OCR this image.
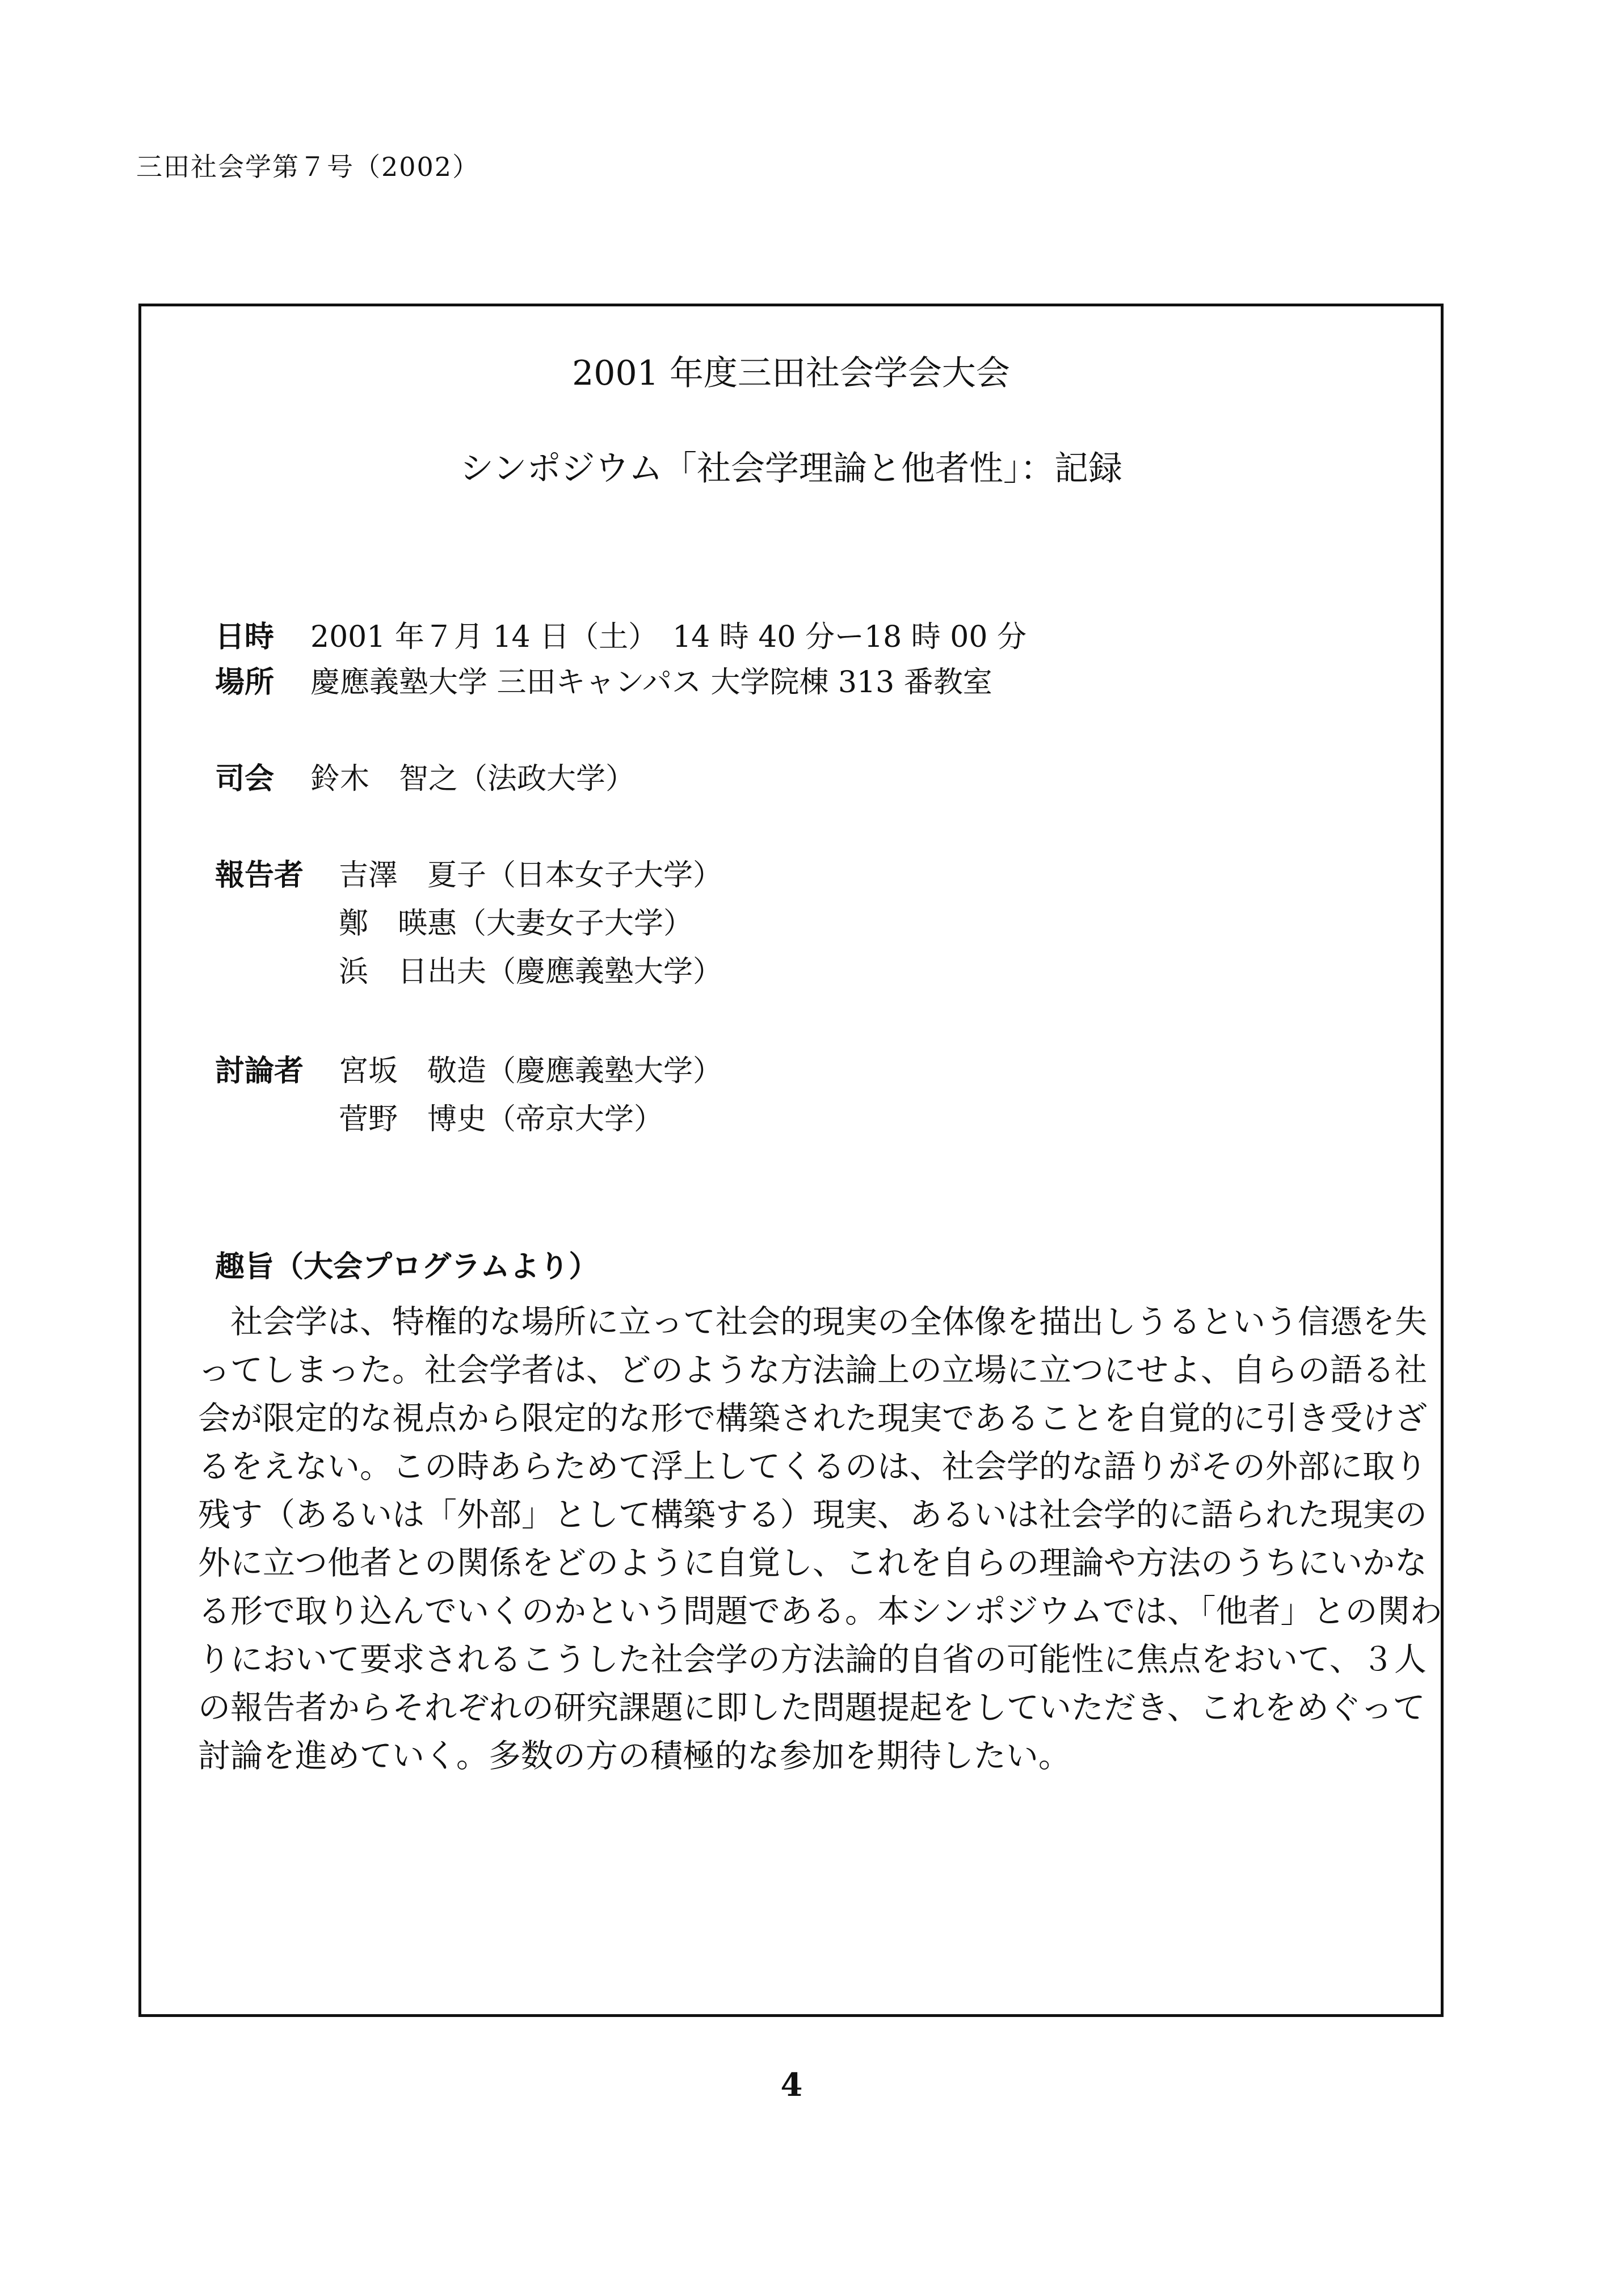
三田社会学第７号（2002）
2001 年度三田社会学会大会
シンポジウム「社会学理論と他者性」：記録
日時 2001 年７月 14 日（土）　14 時 40 分ー18 時 00 分
場所 慶應義塾大学 三田キャンパス 大学院棟 313 番教室
司会 鈴木　智之（法政大学）
報告者 吉澤　夏子（日本女子大学）
鄭　暎惠（大妻女子大学）
浜　日出夫（慶應義塾大学）
討論者 宮坂　敬造（慶應義塾大学）
菅野　博史（帝京大学）
趣旨（大会プログラムより）
　社会学は、特権的な場所に立って社会的現実の全体像を描出しうるという信憑を失
ってしまった。社会学者は、どのような方法論上の立場に立つにせよ、自らの語る社
会が限定的な視点から限定的な形で構築された現実であることを自覚的に引き受けざ
るをえない。この時あらためて浮上してくるのは、社会学的な語りがその外部に取り
残す（あるいは「外部」として構築する）現実、あるいは社会学的に語られた現実の
外に立つ他者との関係をどのように自覚し、これを自らの理論や方法のうちにいかな
る形で取り込んでいくのかという問題である。本シンポジウムでは、「他者」との関わ
りにおいて要求されるこうした社会学の方法論的自省の可能性に焦点をおいて、３人
の報告者からそれぞれの研究課題に即した問題提起をしていただき、これをめぐって
討論を進めていく。多数の方の積極的な参加を期待したい。
4
